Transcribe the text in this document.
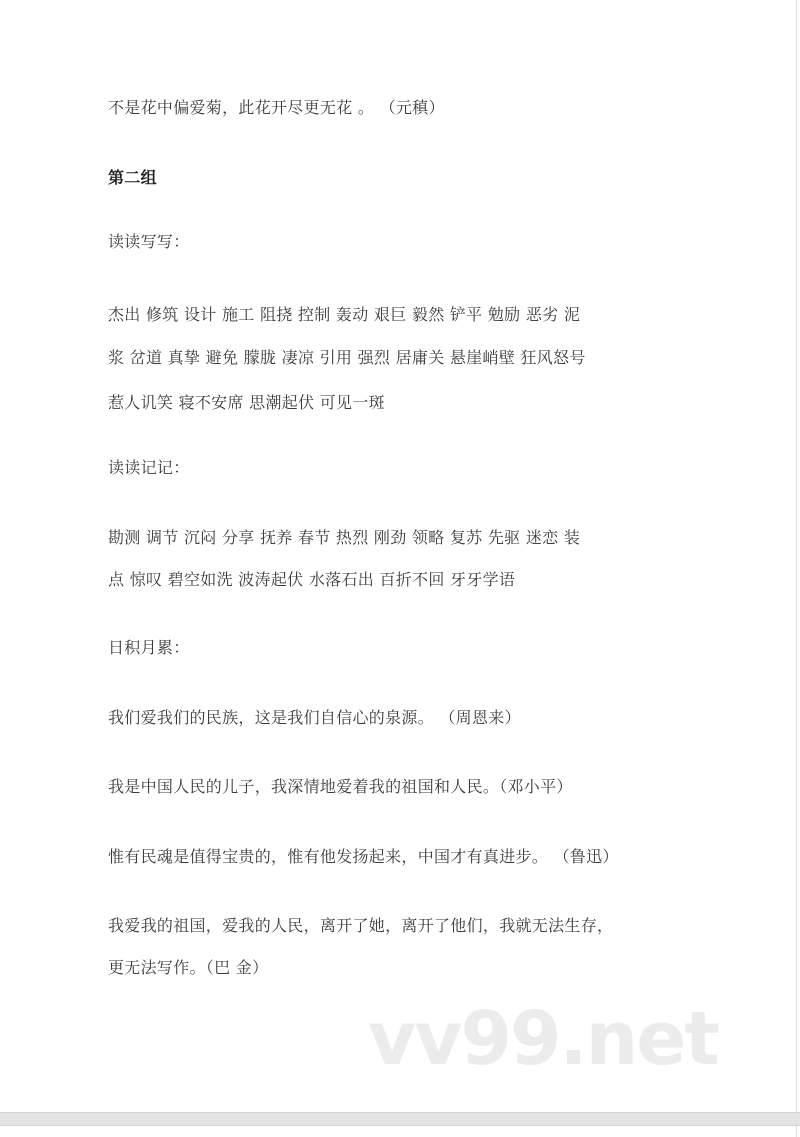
不是花中偏爱菊，此花开尽更无花 。 （元稹）
第二组
读读写写：
杰出 修筑 设计 施工 阻挠 控制 轰动 艰巨 毅然 铲平 勉励 恶劣 泥
浆 岔道 真挚 避免 朦胧 凄凉 引用 强烈 居庸关 悬崖峭壁 狂风怒号
惹人讥笑 寝不安席 思潮起伏 可见一斑
读读记记：
勘测 调节 沉闷 分享 抚养 春节 热烈 刚劲 领略 复苏 先驱 迷恋 装
点 惊叹 碧空如洗 波涛起伏 水落石出 百折不回 牙牙学语
日积月累：
我们爱我们的民族，这是我们自信心的泉源。 （周恩来）
我是中国人民的儿子，我深情地爱着我的祖国和人民。（邓小平）
惟有民魂是值得宝贵的，惟有他发扬起来，中国才有真进步。 （鲁迅）
我爱我的祖国，爱我的人民，离开了她，离开了他们，我就无法生存，
更无法写作。（巴 金）
vv99.net
